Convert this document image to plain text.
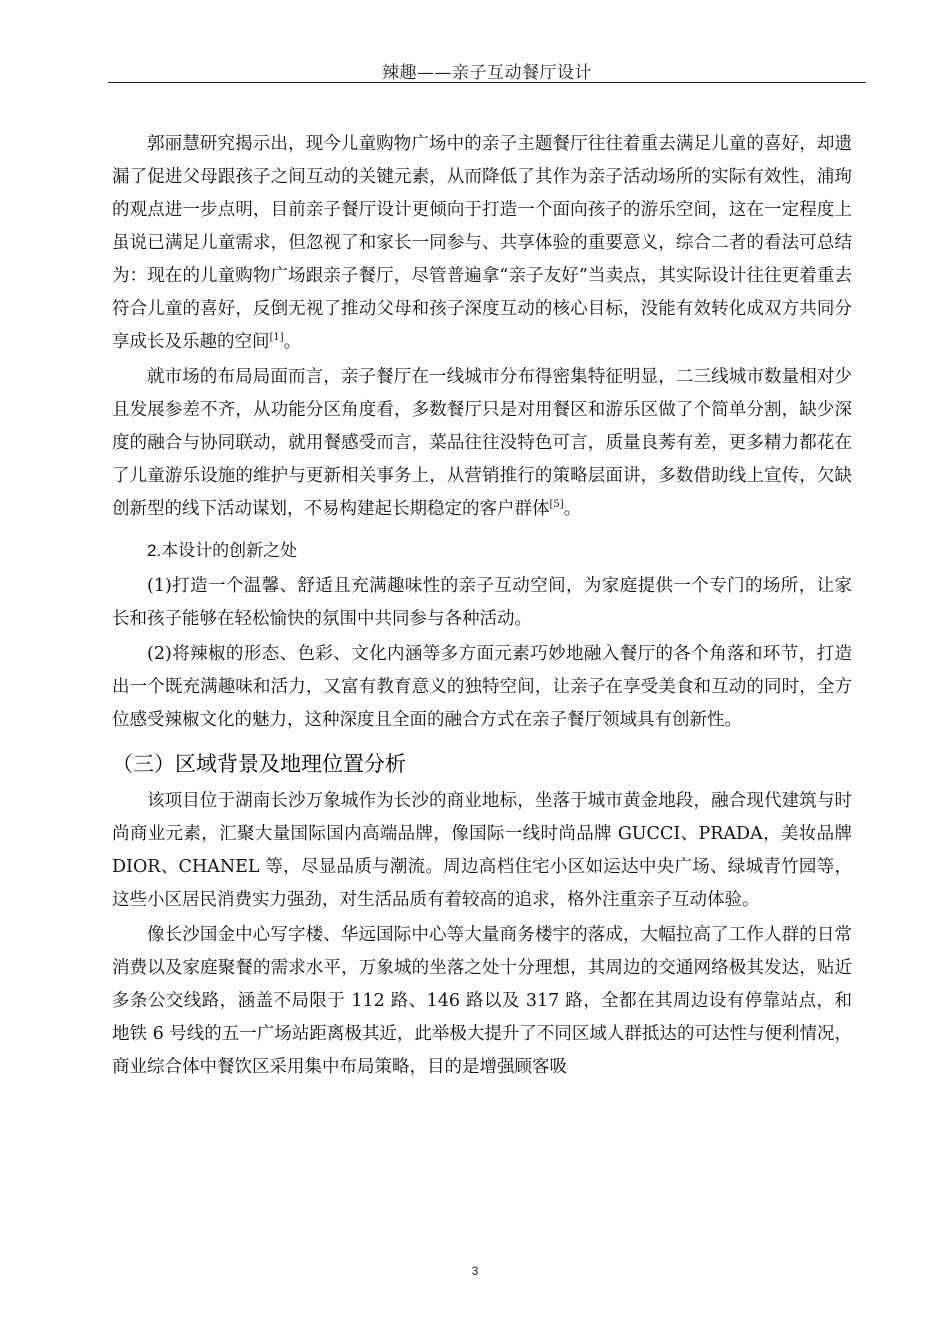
辣趣——亲子互动餐厅设计

郭丽慧研究揭示出，现今儿童购物广场中的亲子主题餐厅往往着重去满足儿童的喜好，却遗漏了促进父母跟孩子之间互动的关键元素，从而降低了其作为亲子活动场所的实际有效性，浦珣的观点进一步点明，目前亲子餐厅设计更倾向于打造一个面向孩子的游乐空间，这在一定程度上虽说已满足儿童需求，但忽视了和家长一同参与、共享体验的重要意义，综合二者的看法可总结为：现在的儿童购物广场跟亲子餐厅，尽管普遍拿“亲子友好”当卖点，其实际设计往往更着重去符合儿童的喜好，反倒无视了推动父母和孩子深度互动的核心目标，没能有效转化成双方共同分享成长及乐趣的空间[1]。

就市场的布局局面而言，亲子餐厅在一线城市分布得密集特征明显，二三线城市数量相对少且发展参差不齐，从功能分区角度看，多数餐厅只是对用餐区和游乐区做了个简单分割，缺少深度的融合与协同联动，就用餐感受而言，菜品往往没特色可言，质量良莠有差，更多精力都花在了儿童游乐设施的维护与更新相关事务上，从营销推行的策略层面讲，多数借助线上宣传，欠缺创新型的线下活动谋划，不易构建起长期稳定的客户群体[5]。

2.本设计的创新之处

(1)打造一个温馨、舒适且充满趣味性的亲子互动空间，为家庭提供一个专门的场所，让家长和孩子能够在轻松愉快的氛围中共同参与各种活动。

(2)将辣椒的形态、色彩、文化内涵等多方面元素巧妙地融入餐厅的各个角落和环节，打造出一个既充满趣味和活力，又富有教育意义的独特空间，让亲子在享受美食和互动的同时，全方位感受辣椒文化的魅力，这种深度且全面的融合方式在亲子餐厅领域具有创新性。

（三）区域背景及地理位置分析

该项目位于湖南长沙万象城作为长沙的商业地标，坐落于城市黄金地段，融合现代建筑与时尚商业元素，汇聚大量国际国内高端品牌，像国际一线时尚品牌 GUCCI、PRADA，美妆品牌 DIOR、CHANEL 等，尽显品质与潮流。周边高档住宅小区如运达中央广场、绿城青竹园等，这些小区居民消费实力强劲，对生活品质有着较高的追求，格外注重亲子互动体验。

像长沙国金中心写字楼、华远国际中心等大量商务楼宇的落成，大幅拉高了工作人群的日常消费以及家庭聚餐的需求水平，万象城的坐落之处十分理想，其周边的交通网络极其发达，贴近多条公交线路，涵盖不局限于 112 路、146 路以及 317 路，全都在其周边设有停靠站点，和地铁 6 号线的五一广场站距离极其近，此举极大提升了不同区域人群抵达的可达性与便利情况，商业综合体中餐饮区采用集中布局策略，目的是增强顾客吸

3
